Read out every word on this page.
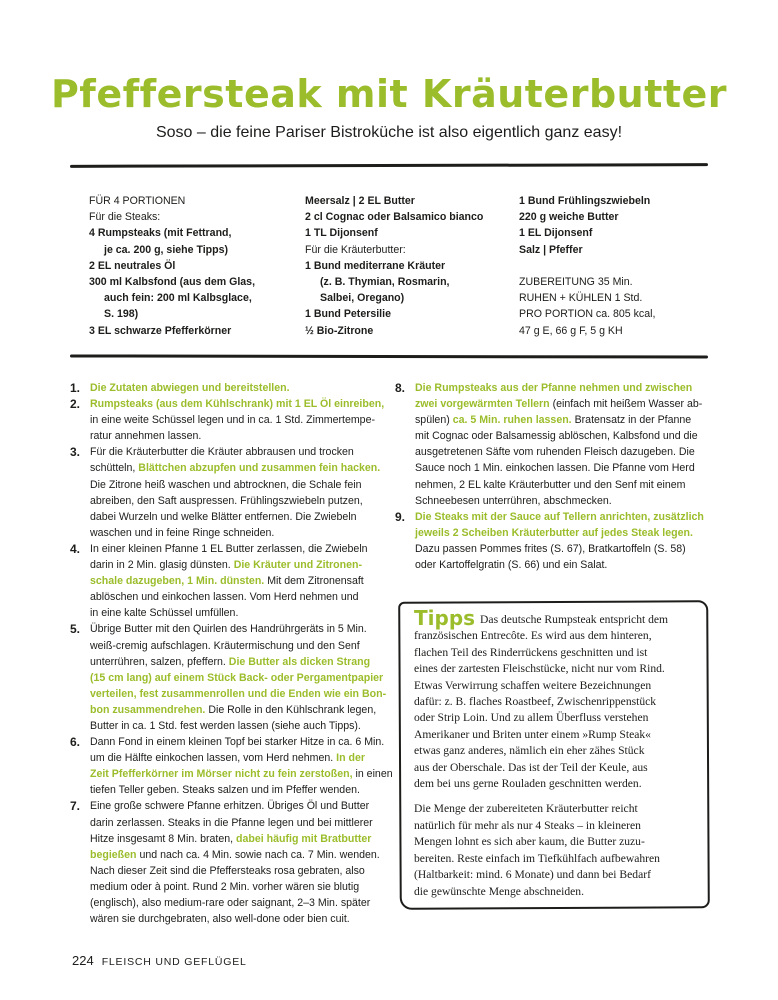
Pfeffersteak mit Kräuterbutter

Soso – die feine Pariser Bistroküche ist also eigentlich ganz easy!

FÜR 4 PORTIONEN
Für die Steaks:
4 Rumpsteaks (mit Fettrand,
je ca. 200 g, siehe Tipps)
2 EL neutrales Öl
300 ml Kalbsfond (aus dem Glas,
auch fein: 200 ml Kalbsglace,
S. 198)
3 EL schwarze Pfefferkörner
Meersalz | 2 EL Butter
2 cl Cognac oder Balsamico bianco
1 TL Dijonsenf
Für die Kräuterbutter:
1 Bund mediterrane Kräuter
(z. B. Thymian, Rosmarin,
Salbei, Oregano)
1 Bund Petersilie
½ Bio-Zitrone
1 Bund Frühlingszwiebeln
220 g weiche Butter
1 EL Dijonsenf
Salz | Pfeffer
ZUBEREITUNG 35 Min.
RUHEN + KÜHLEN 1 Std.
PRO PORTION ca. 805 kcal,
47 g E, 66 g F, 5 g KH
1. Die Zutaten abwiegen und bereitstellen.
2. Rumpsteaks (aus dem Kühlschrank) mit 1 EL Öl einreiben,
in eine weite Schüssel legen und in ca. 1 Std. Zimmertempe-
ratur annehmen lassen.
3. Für die Kräuterbutter die Kräuter abbrausen und trocken
schütteln, Blättchen abzupfen und zusammen fein hacken.
Die Zitrone heiß waschen und abtrocknen, die Schale fein
abreiben, den Saft auspressen. Frühlingszwiebeln putzen,
dabei Wurzeln und welke Blätter entfernen. Die Zwiebeln
waschen und in feine Ringe schneiden.
4. In einer kleinen Pfanne 1 EL Butter zerlassen, die Zwiebeln
darin in 2 Min. glasig dünsten. Die Kräuter und Zitronen-
schale dazugeben, 1 Min. dünsten. Mit dem Zitronensaft
ablöschen und einkochen lassen. Vom Herd nehmen und
in eine kalte Schüssel umfüllen.
5. Übrige Butter mit den Quirlen des Handrührgeräts in 5 Min.
weiß-cremig aufschlagen. Kräutermischung und den Senf
unterrühren, salzen, pfeffern. Die Butter als dicken Strang
(15 cm lang) auf einem Stück Back- oder Pergamentpapier
verteilen, fest zusammenrollen und die Enden wie ein Bon-
bon zusammendrehen. Die Rolle in den Kühlschrank legen,
Butter in ca. 1 Std. fest werden lassen (siehe auch Tipps).
6. Dann Fond in einem kleinen Topf bei starker Hitze in ca. 6 Min.
um die Hälfte einkochen lassen, vom Herd nehmen. In der
Zeit Pfefferkörner im Mörser nicht zu fein zerstoßen, in einen
tiefen Teller geben. Steaks salzen und im Pfeffer wenden.
7. Eine große schwere Pfanne erhitzen. Übriges Öl und Butter
darin zerlassen. Steaks in die Pfanne legen und bei mittlerer
Hitze insgesamt 8 Min. braten, dabei häufig mit Bratbutter
begießen und nach ca. 4 Min. sowie nach ca. 7 Min. wenden.
Nach dieser Zeit sind die Pfeffersteaks rosa gebraten, also
medium oder à point. Rund 2 Min. vorher wären sie blutig
(englisch), also medium-rare oder saignant, 2–3 Min. später
wären sie durchgebraten, also well-done oder bien cuit.
8. Die Rumpsteaks aus der Pfanne nehmen und zwischen
zwei vorgewärmten Tellern (einfach mit heißem Wasser ab-
spülen) ca. 5 Min. ruhen lassen. Bratensatz in der Pfanne
mit Cognac oder Balsamessig ablöschen, Kalbsfond und die
ausgetretenen Säfte vom ruhenden Fleisch dazugeben. Die
Sauce noch 1 Min. einkochen lassen. Die Pfanne vom Herd
nehmen, 2 EL kalte Kräuterbutter und den Senf mit einem
Schneebesen unterrühren, abschmecken.
9. Die Steaks mit der Sauce auf Tellern anrichten, zusätzlich
jeweils 2 Scheiben Kräuterbutter auf jedes Steak legen.
Dazu passen Pommes frites (S. 67), Bratkartoffeln (S. 58)
oder Kartoffelgratin (S. 66) und ein Salat.
Tipps Das deutsche Rumpsteak entspricht dem
französischen Entrecôte. Es wird aus dem hinteren,
flachen Teil des Rinderrückens geschnitten und ist
eines der zartesten Fleischstücke, nicht nur vom Rind.
Etwas Verwirrung schaffen weitere Bezeichnungen
dafür: z. B. flaches Roastbeef, Zwischenrippenstück
oder Strip Loin. Und zu allem Überfluss verstehen
Amerikaner und Briten unter einem »Rump Steak«
etwas ganz anderes, nämlich ein eher zähes Stück
aus der Oberschale. Das ist der Teil der Keule, aus
dem bei uns gerne Rouladen geschnitten werden.
Die Menge der zubereiteten Kräuterbutter reicht
natürlich für mehr als nur 4 Steaks – in kleineren
Mengen lohnt es sich aber kaum, die Butter zuzu-
bereiten. Reste einfach im Tiefkühlfach aufbewahren
(Haltbarkeit: mind. 6 Monate) und dann bei Bedarf
die gewünschte Menge abschneiden.
224 FLEISCH UND GEFLÜGEL
